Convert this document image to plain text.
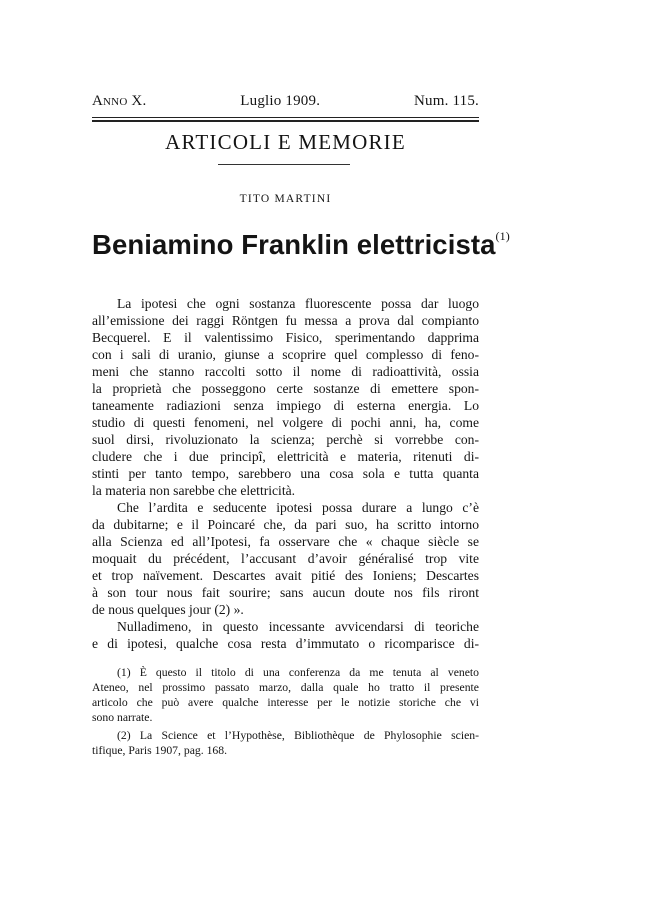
Anno X.	Luglio 1909.	Num. 115.
ARTICOLI E MEMORIE
TITO MARTINI
Beniamino Franklin elettricista$^{(1)}$
La ipotesi che ogni sostanza fluorescente possa dar luogo
all’emissione dei raggi Röntgen fu messa a prova dal compianto
Becquerel. E il valentissimo Fisico, sperimentando dapprima
con i sali di uranio, giunse a scoprire quel complesso di feno-
meni che stanno raccolti sotto il nome di radioattività, ossia
la proprietà che posseggono certe sostanze di emettere spon-
taneamente radiazioni senza impiego di esterna energia. Lo
studio di questi fenomeni, nel volgere di pochi anni, ha, come
suol dirsi, rivoluzionato la scienza; perchè si vorrebbe con-
cludere che i due principî, elettricità e materia, ritenuti di-
stinti per tanto tempo, sarebbero una cosa sola e tutta quanta
la materia non sarebbe che elettricità.
Che l’ardita e seducente ipotesi possa durare a lungo c’è
da dubitarne; e il Poincaré che, da pari suo, ha scritto intorno
alla Scienza ed all’Ipotesi, fa osservare che « chaque siècle se
moquait du précédent, l’accusant d’avoir généralisé trop vite
et trop naïvement. Descartes avait pitié des Ioniens; Descartes
à son tour nous fait sourire; sans aucun doute nos fils riront
de nous quelques jour (2) ».
Nulladimeno, in questo incessante avvicendarsi di teoriche
e di ipotesi, qualche cosa resta d’immutato o ricomparisce di-
(1) È questo il titolo di una conferenza da me tenuta al veneto
Ateneo, nel prossimo passato marzo, dalla quale ho tratto il presente
articolo che può avere qualche interesse per le notizie storiche che vi
sono narrate.
(2) La Science et l’Hypothèse, Bibliothèque de Phylosophie scien-
tifique, Paris 1907, pag. 168.
